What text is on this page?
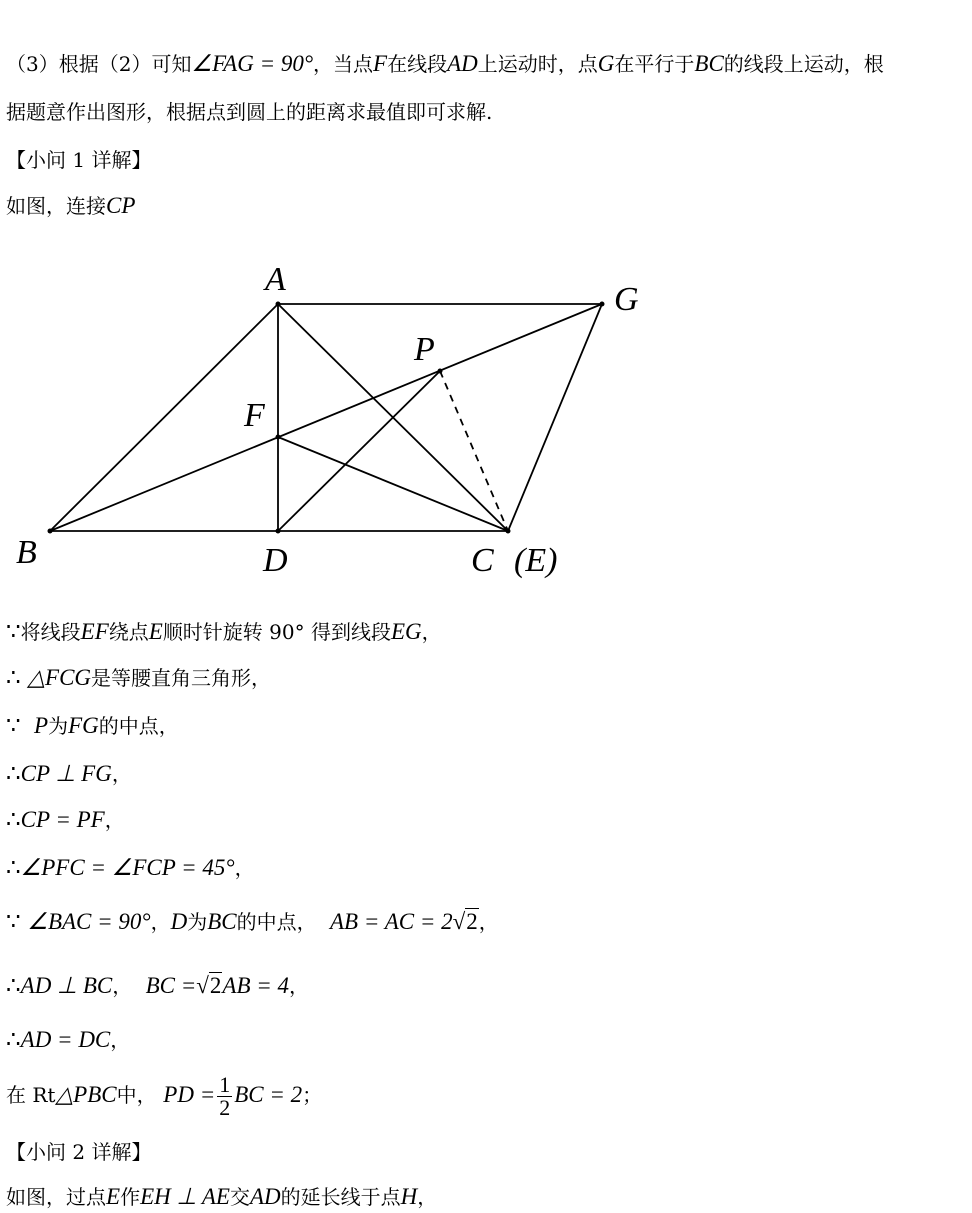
（3）根据（2）可知∠FAG = 90°，当点F在线段AD上运动时，点G在平行于BC的线段上运动，根
据题意作出图形，根据点到圆上的距离求最值即可求解.
【小问 1 详解】
如图，连接CP
A
G
P
F
B	D	C (E)
∵将线段EF绕点E顺时针旋转 90° 得到线段EG，
∴ △FCG是等腰直角三角形，
∵ P为FG的中点，
∴CP ⊥ FG，
∴CP = PF，
∴∠PFC = ∠FCP = 45°，
∵ ∠BAC = 90°，D为BC的中点， AB = AC = 2√2，
∴AD ⊥ BC， BC =√2AB = 4，
∴AD = DC，
在 Rt△PBC中， PD = $\frac{1}{2}$ BC = 2；
【小问 2 详解】
如图，过点E作EH ⊥ AE交AD的延长线于点H，
